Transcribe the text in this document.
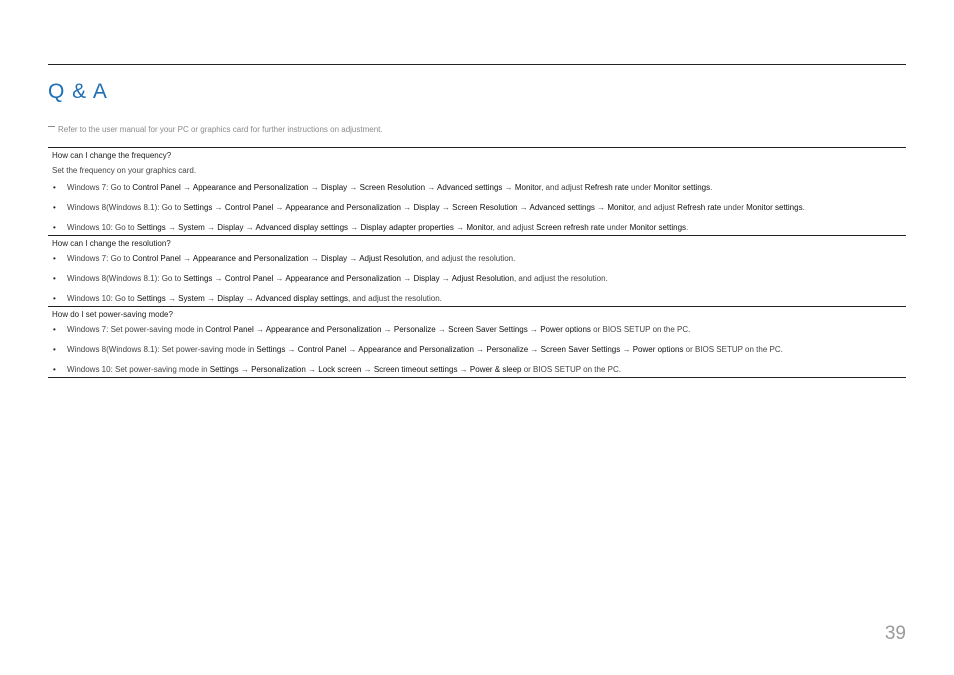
Q & A
Refer to the user manual for your PC or graphics card for further instructions on adjustment.
How can I change the frequency?
Set the frequency on your graphics card.
• Windows 7: Go to Control Panel → Appearance and Personalization → Display → Screen Resolution → Advanced settings → Monitor, and adjust Refresh rate under Monitor settings.
• Windows 8(Windows 8.1): Go to Settings → Control Panel → Appearance and Personalization → Display → Screen Resolution → Advanced settings → Monitor, and adjust Refresh rate under Monitor settings.
• Windows 10: Go to Settings → System → Display → Advanced display settings → Display adapter properties → Monitor, and adjust Screen refresh rate under Monitor settings.
How can I change the resolution?
• Windows 7: Go to Control Panel → Appearance and Personalization → Display → Adjust Resolution, and adjust the resolution.
• Windows 8(Windows 8.1): Go to Settings → Control Panel → Appearance and Personalization → Display → Adjust Resolution, and adjust the resolution.
• Windows 10: Go to Settings → System → Display → Advanced display settings, and adjust the resolution.
How do I set power-saving mode?
• Windows 7: Set power-saving mode in Control Panel → Appearance and Personalization → Personalize → Screen Saver Settings → Power options or BIOS SETUP on the PC.
• Windows 8(Windows 8.1): Set power-saving mode in Settings → Control Panel → Appearance and Personalization → Personalize → Screen Saver Settings → Power options or BIOS SETUP on the PC.
• Windows 10: Set power-saving mode in Settings → Personalization → Lock screen → Screen timeout settings → Power & sleep or BIOS SETUP on the PC.
39
